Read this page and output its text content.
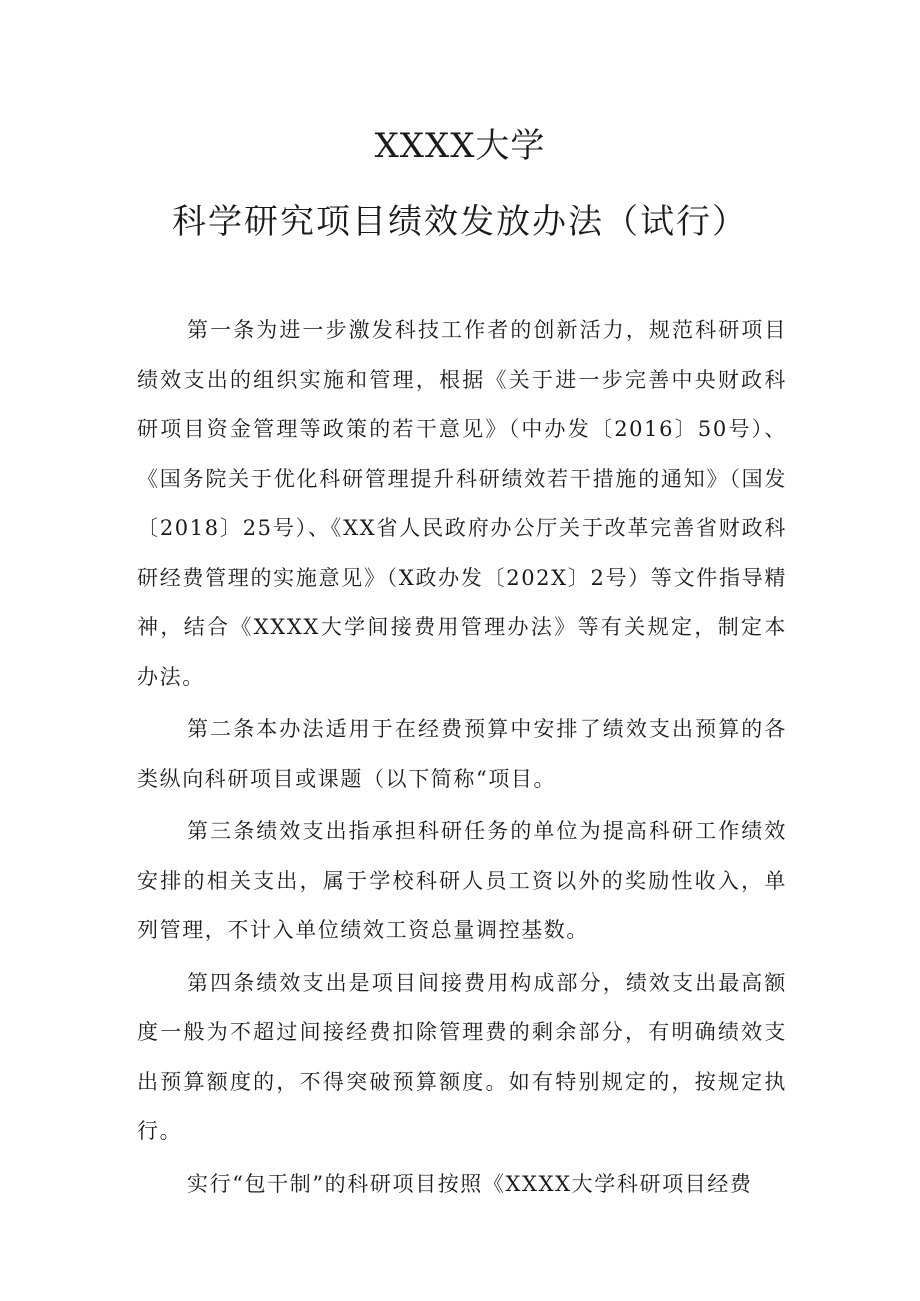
XXXX大学
科学研究项目绩效发放办法（试行）

第一条为进一步激发科技工作者的创新活力，规范科研项目绩效支出的组织实施和管理，根据《关于进一步完善中央财政科研项目资金管理等政策的若干意见》（中办发〔2016〕50号）、《国务院关于优化科研管理提升科研绩效若干措施的通知》（国发〔2018〕25号）、《XX省人民政府办公厅关于改革完善省财政科研经费管理的实施意见》（X政办发〔202X〕2号）等文件指导精神，结合《XXXX大学间接费用管理办法》等有关规定，制定本办法。

第二条本办法适用于在经费预算中安排了绩效支出预算的各类纵向科研项目或课题（以下简称“项目。

第三条绩效支出指承担科研任务的单位为提高科研工作绩效安排的相关支出，属于学校科研人员工资以外的奖励性收入，单列管理，不计入单位绩效工资总量调控基数。

第四条绩效支出是项目间接费用构成部分，绩效支出最高额度一般为不超过间接经费扣除管理费的剩余部分，有明确绩效支出预算额度的，不得突破预算额度。如有特别规定的，按规定执行。

实行“包干制”的科研项目按照《XXXX大学科研项目经费
